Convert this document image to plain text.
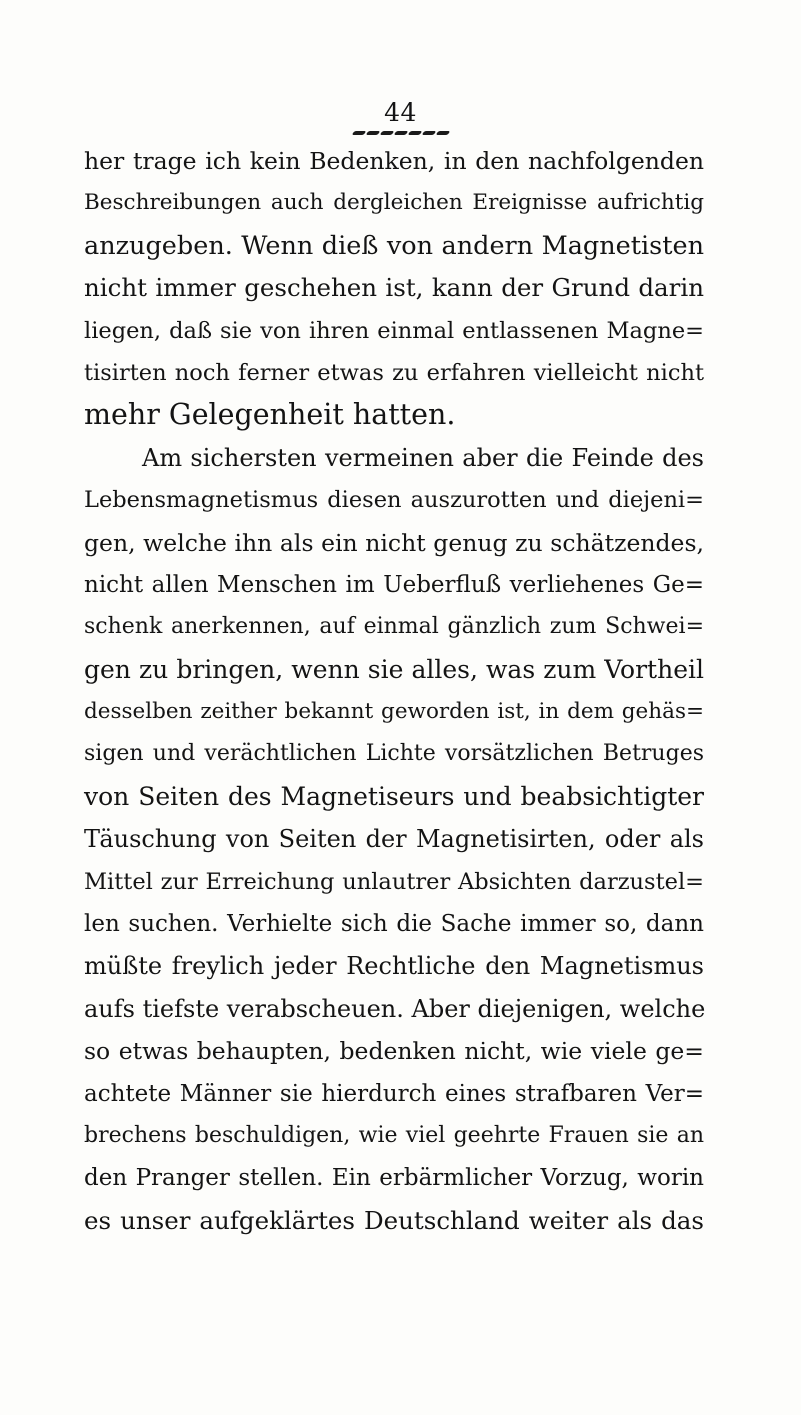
44
her trage ich kein Bedenken, in den nachfolgenden
Beschreibungen auch dergleichen Ereignisse aufrichtig
anzugeben. Wenn dieß von andern Magnetisten
nicht immer geschehen ist, kann der Grund darin
liegen, daß sie von ihren einmal entlassenen Magne=
tisirten noch ferner etwas zu erfahren vielleicht nicht
mehr Gelegenheit hatten.
Am sichersten vermeinen aber die Feinde des
Lebensmagnetismus diesen auszurotten und diejeni=
gen, welche ihn als ein nicht genug zu schätzendes,
nicht allen Menschen im Ueberfluß verliehenes Ge=
schenk anerkennen, auf einmal gänzlich zum Schwei=
gen zu bringen, wenn sie alles, was zum Vortheil
desselben zeither bekannt geworden ist, in dem gehäs=
sigen und verächtlichen Lichte vorsätzlichen Betruges
von Seiten des Magnetiseurs und beabsichtigter
Täuschung von Seiten der Magnetisirten, oder als
Mittel zur Erreichung unlautrer Absichten darzustel=
len suchen. Verhielte sich die Sache immer so, dann
müßte freylich jeder Rechtliche den Magnetismus
aufs tiefste verabscheuen. Aber diejenigen, welche
so etwas behaupten, bedenken nicht, wie viele ge=
achtete Männer sie hierdurch eines strafbaren Ver=
brechens beschuldigen, wie viel geehrte Frauen sie an
den Pranger stellen. Ein erbärmlicher Vorzug, worin
es unser aufgeklärtes Deutschland weiter als das
